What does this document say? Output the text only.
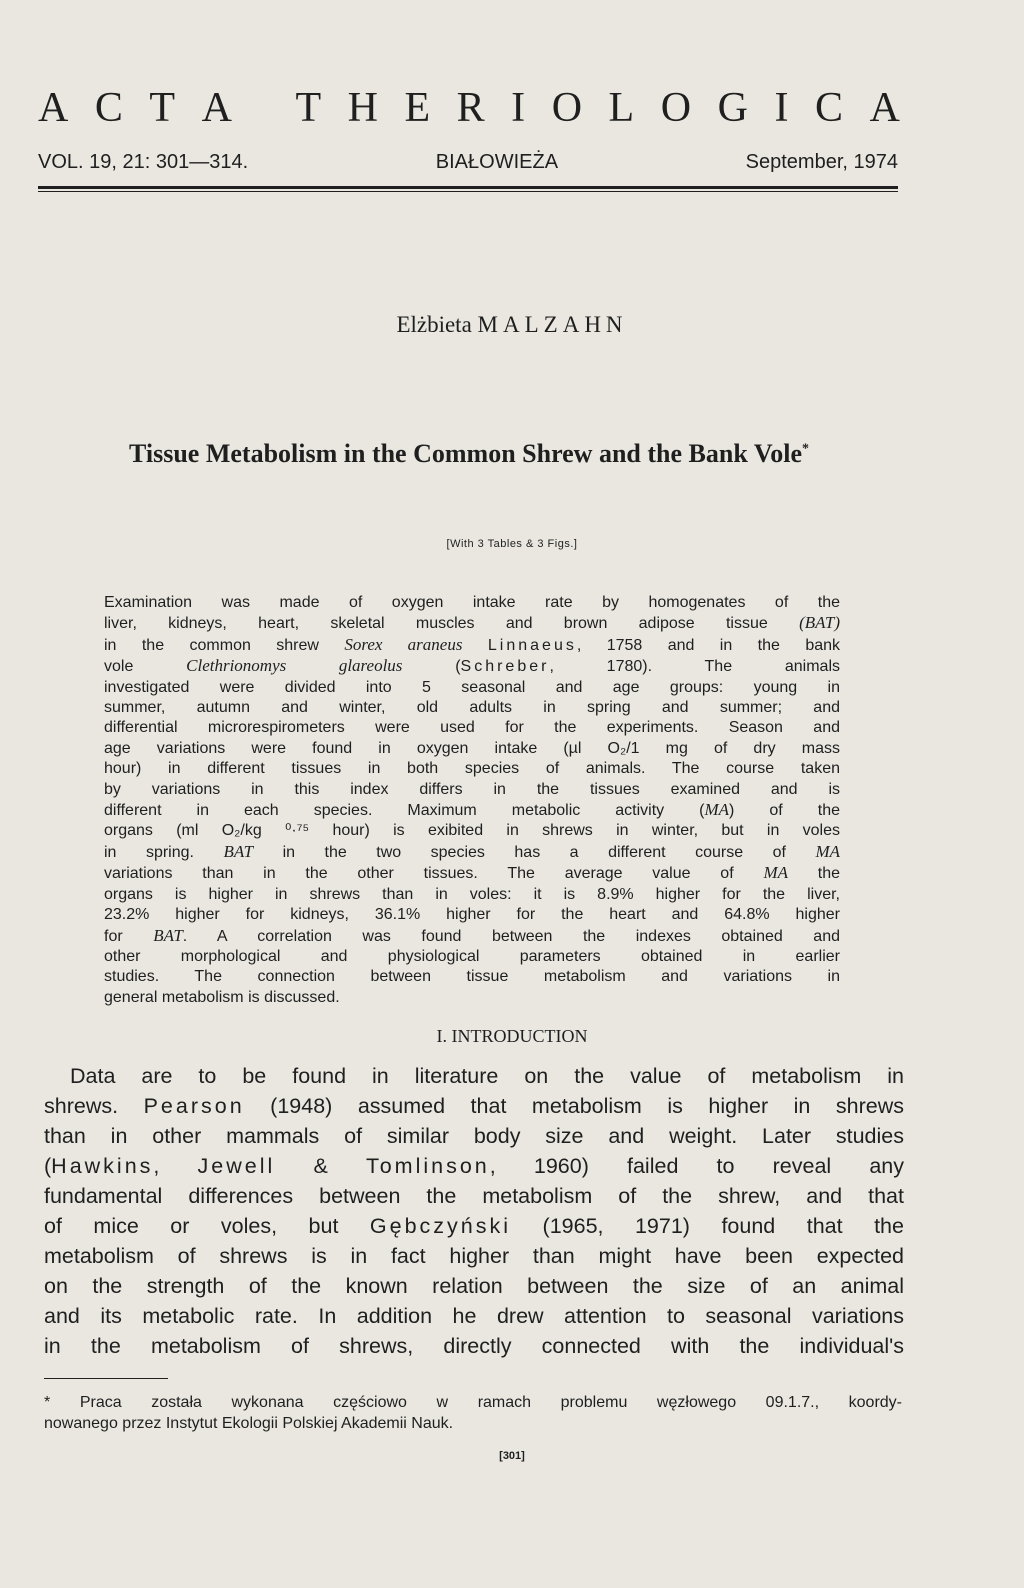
A C T A
T H E R I O L O G I C A
VOL. 19, 21: 301—314.	BIAŁOWIEŻA	September, 1974
Elżbieta MALZAHN
Tissue Metabolism in the Common Shrew and the Bank Vole*
[With 3 Tables & 3 Figs.]
Examination was made of oxygen intake rate by homogenates of the
liver, kidneys, heart, skeletal muscles and brown adipose tissue (BAT)
in the common shrew Sorex araneus Linnaeus, 1758 and in the bank
vole	Clethrionomys glareolus	(Schreber, 1780). The animals
investigated were divided into 5 seasonal and age groups: young in
summer, autumn and winter, old adults in spring and summer; and
differential microrespirometers were used for the experiments. Season and
age variations were found in oxygen intake (µl O₂/1 mg of dry mass
hour) in different tissues in both species of animals. The course taken
by variations in this index differs in the tissues examined and is
different in each species. Maximum metabolic activity (MA) of the
organs (ml O₂/kg ⁰·⁷⁵ hour) is exibited in shrews in winter, but in voles
in spring. BAT in the two species has a different course of MA
variations than in the other tissues. The average value of MA the
organs is higher in shrews than in voles: it is 8.9% higher for the liver,
23.2% higher for kidneys, 36.1% higher for the heart and 64.8% higher
for BAT. A correlation was found between the indexes obtained and
other morphological and physiological parameters obtained in earlier
studies. The connection between tissue metabolism and variations in
general metabolism is discussed.
I. INTRODUCTION
Data are to be found in literature on the value of metabolism in
shrews. Pearson (1948) assumed that metabolism is higher in shrews
than in other mammals of similar body size and weight. Later studies
(Hawkins, Jewell & Tomlinson, 1960) failed to reveal any
fundamental differences between the metabolism of the shrew, and that
of mice or voles, but Gębczyński (1965, 1971) found that the
metabolism of shrews is in fact higher than might have been expected
on the strength of the known relation between the size of an animal
and its metabolic rate. In addition he drew attention to seasonal variations
in the metabolism of shrews, directly connected with the individual's
* Praca została wykonana częściowo w ramach problemu węzłowego 09.1.7., koordy-
nowanego przez Instytut Ekologii Polskiej Akademii Nauk.
[301]
